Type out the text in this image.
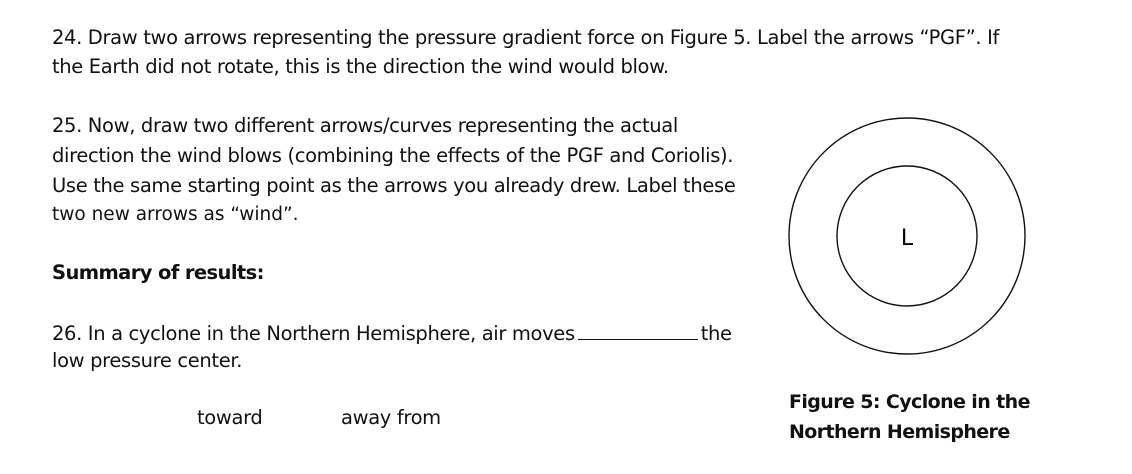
24. Draw two arrows representing the pressure gradient force on Figure 5. Label the arrows “PGF”. If
the Earth did not rotate, this is the direction the wind would blow.
25. Now, draw two different arrows/curves representing the actual
direction the wind blows (combining the effects of the PGF and Coriolis).
Use the same starting point as the arrows you already drew. Label these
two new arrows as “wind”.
Summary of results:
26. In a cyclone in the Northern Hemisphere, air moves	the
low pressure center.
toward	away from
L
Figure 5: Cyclone in the
Northern Hemisphere
